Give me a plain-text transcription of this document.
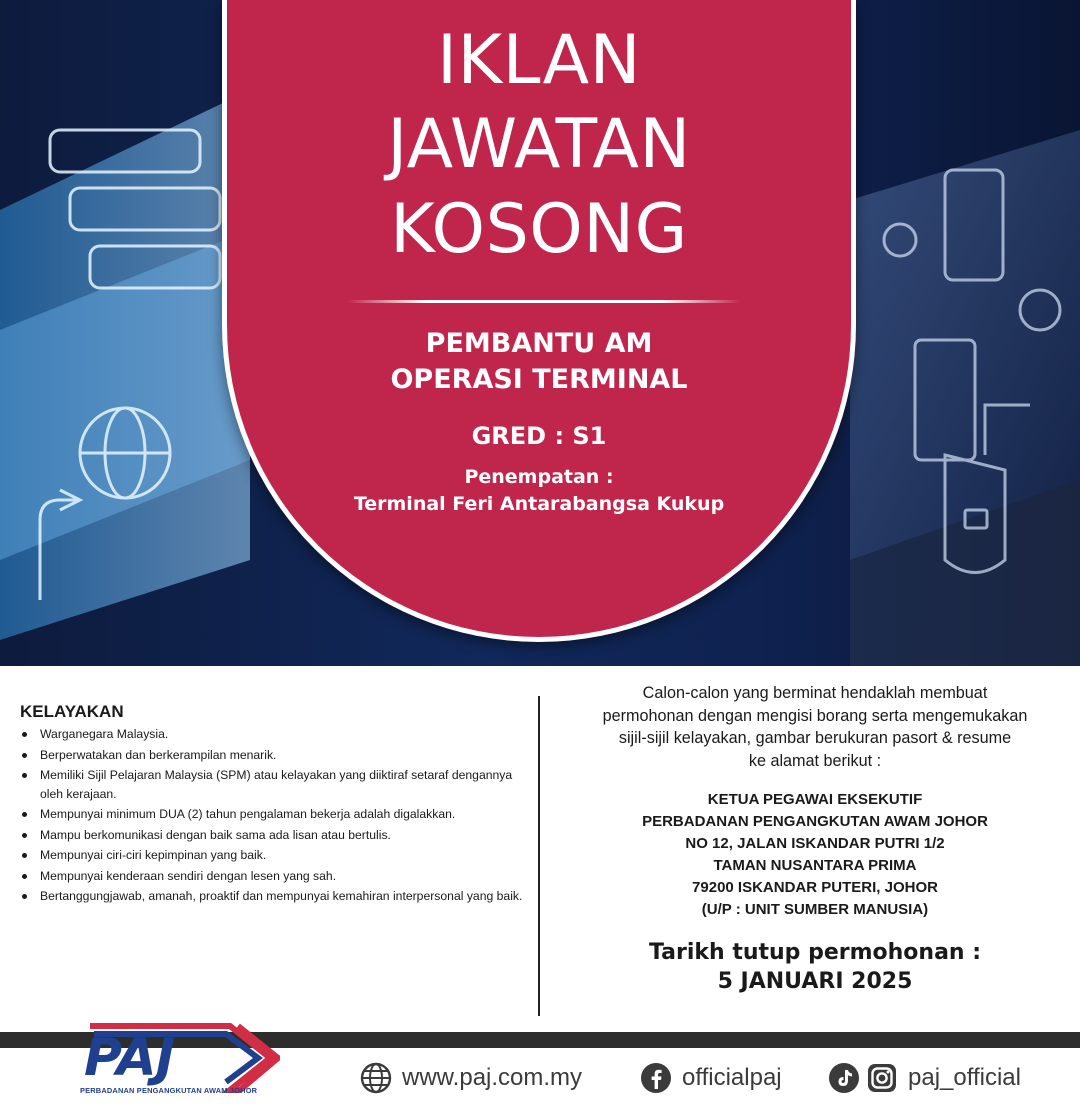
IKLAN
JAWATAN
KOSONG
PEMBANTU AM
OPERASI TERMINAL
GRED : S1
Penempatan :
Terminal Feri Antarabangsa Kukup
KELAYAKAN
Warganegara Malaysia.
Berperwatakan dan berkerampilan menarik.
Memiliki Sijil Pelajaran Malaysia (SPM) atau kelayakan yang diiktiraf setaraf dengannya oleh kerajaan.
Mempunyai minimum DUA (2) tahun pengalaman bekerja adalah digalakkan.
Mampu berkomunikasi dengan baik sama ada lisan atau bertulis.
Mempunyai ciri-ciri kepimpinan yang baik.
Mempunyai kenderaan sendiri dengan lesen yang sah.
Bertanggungjawab, amanah, proaktif dan mempunyai kemahiran interpersonal yang baik.
Calon-calon yang berminat hendaklah membuat
permohonan dengan mengisi borang serta mengemukakan
sijil-sijil kelayakan, gambar berukuran pasort & resume
ke alamat berikut :
KETUA PEGAWAI EKSEKUTIF
PERBADANAN PENGANGKUTAN AWAM JOHOR
NO 12, JALAN ISKANDAR PUTRI 1/2
TAMAN NUSANTARA PRIMA
79200 ISKANDAR PUTERI, JOHOR
(U/P : UNIT SUMBER MANUSIA)
Tarikh tutup permohonan :
5 JANUARI 2025
PAJ
PERBADANAN PENGANGKUTAN AWAM JOHOR	www.paj.com.my	officialpaj	paj_official
